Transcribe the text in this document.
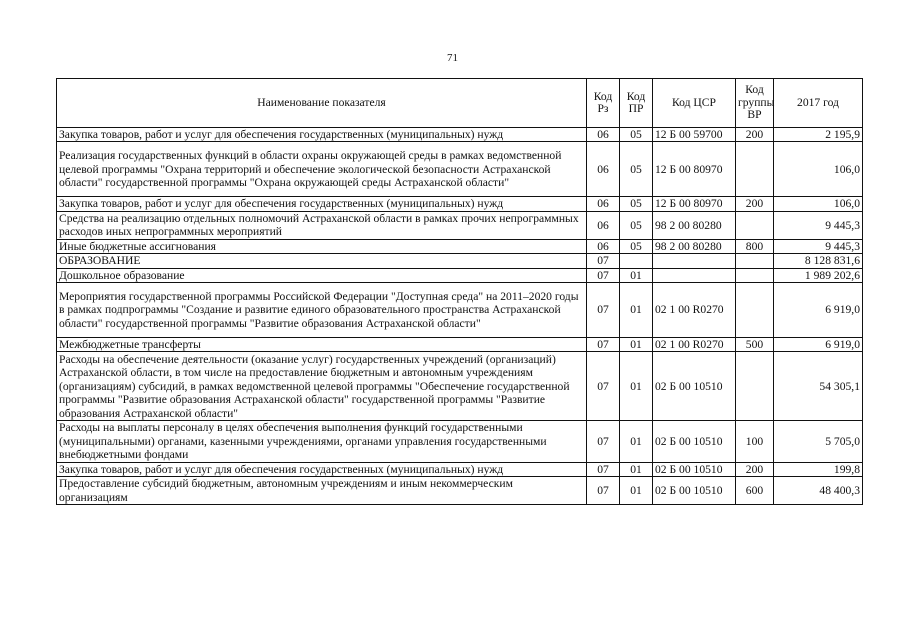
71
Наименование показателя	Код Рз	Код ПР	Код ЦСР	Код группы ВР	2017 год
Закупка товаров, работ и услуг для обеспечения государственных (муниципальных) нужд	06	05	12 Б 00 59700	200	2 195,9
Реализация государственных функций в области охраны окружающей среды в рамках ведомственной целевой программы "Охрана территорий и обеспечение экологической безопасности Астраханской области" государственной программы "Охрана окружающей среды Астраханской области"	06	05	12 Б 00 80970		106,0
Закупка товаров, работ и услуг для обеспечения государственных (муниципальных) нужд	06	05	12 Б 00 80970	200	106,0
Средства на реализацию отдельных полномочий Астраханской области в рамках прочих непрограммных расходов иных непрограммных мероприятий	06	05	98 2 00 80280		9 445,3
Иные бюджетные ассигнования	06	05	98 2 00 80280	800	9 445,3
ОБРАЗОВАНИЕ	07				8 128 831,6
Дошкольное образование	07	01			1 989 202,6
Мероприятия государственной программы Российской Федерации "Доступная среда" на 2011–2020 годы в рамках подпрограммы "Создание и развитие единого образовательного пространства Астраханской области" государственной программы "Развитие образования Астраханской области"	07	01	02 1 00 R0270		6 919,0
Межбюджетные трансферты	07	01	02 1 00 R0270	500	6 919,0
Расходы на обеспечение деятельности (оказание услуг) государственных учреждений (организаций) Астраханской области, в том числе на предоставление бюджетным и автономным учреждениям (организациям) субсидий, в рамках ведомственной целевой программы "Обеспечение государственной программы "Развитие образования Астраханской области" государственной программы "Развитие образования Астраханской области"	07	01	02 Б 00 10510		54 305,1
Расходы на выплаты персоналу в целях обеспечения выполнения функций государственными (муниципальными) органами, казенными учреждениями, органами управления государственными внебюджетными фондами	07	01	02 Б 00 10510	100	5 705,0
Закупка товаров, работ и услуг для обеспечения государственных (муниципальных) нужд	07	01	02 Б 00 10510	200	199,8
Предоставление субсидий бюджетным, автономным учреждениям и иным некоммерческим организациям	07	01	02 Б 00 10510	600	48 400,3
